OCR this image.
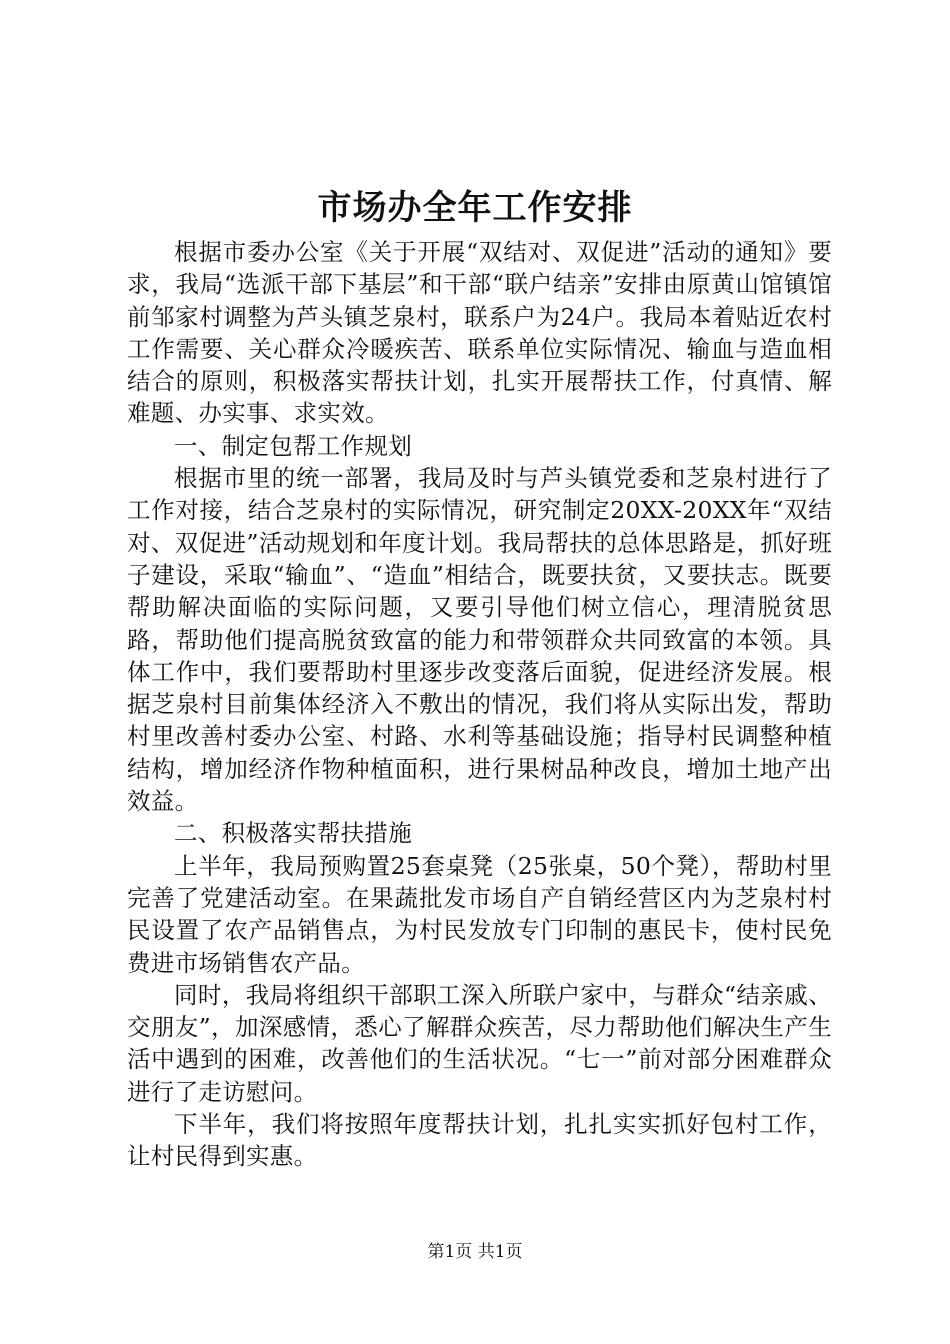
市场办全年工作安排

根据市委办公室《关于开展“双结对、双促进”活动的通知》要求，我局“选派干部下基层”和干部“联户结亲”安排由原黄山馆镇馆前邹家村调整为芦头镇芝泉村，联系户为24户。我局本着贴近农村工作需要、关心群众冷暖疾苦、联系单位实际情况、输血与造血相结合的原则，积极落实帮扶计划，扎实开展帮扶工作，付真情、解难题、办实事、求实效。

一、制定包帮工作规划

根据市里的统一部署，我局及时与芦头镇党委和芝泉村进行了工作对接，结合芝泉村的实际情况，研究制定20XX-20XX年“双结对、双促进”活动规划和年度计划。我局帮扶的总体思路是，抓好班子建设，采取“输血”、“造血”相结合，既要扶贫，又要扶志。既要帮助解决面临的实际问题，又要引导他们树立信心，理清脱贫思路，帮助他们提高脱贫致富的能力和带领群众共同致富的本领。具体工作中，我们要帮助村里逐步改变落后面貌，促进经济发展。根据芝泉村目前集体经济入不敷出的情况，我们将从实际出发，帮助村里改善村委办公室、村路、水利等基础设施；指导村民调整种植结构，增加经济作物种植面积，进行果树品种改良，增加土地产出效益。

二、积极落实帮扶措施

上半年，我局预购置25套桌凳（25张桌，50个凳），帮助村里完善了党建活动室。在果蔬批发市场自产自销经营区内为芝泉村村民设置了农产品销售点，为村民发放专门印制的惠民卡，使村民免费进市场销售农产品。

同时，我局将组织干部职工深入所联户家中，与群众“结亲戚、交朋友”，加深感情，悉心了解群众疾苦，尽力帮助他们解决生产生活中遇到的困难，改善他们的生活状况。“七一”前对部分困难群众进行了走访慰问。

下半年，我们将按照年度帮扶计划，扎扎实实抓好包村工作，让村民得到实惠。

第1页 共1页
